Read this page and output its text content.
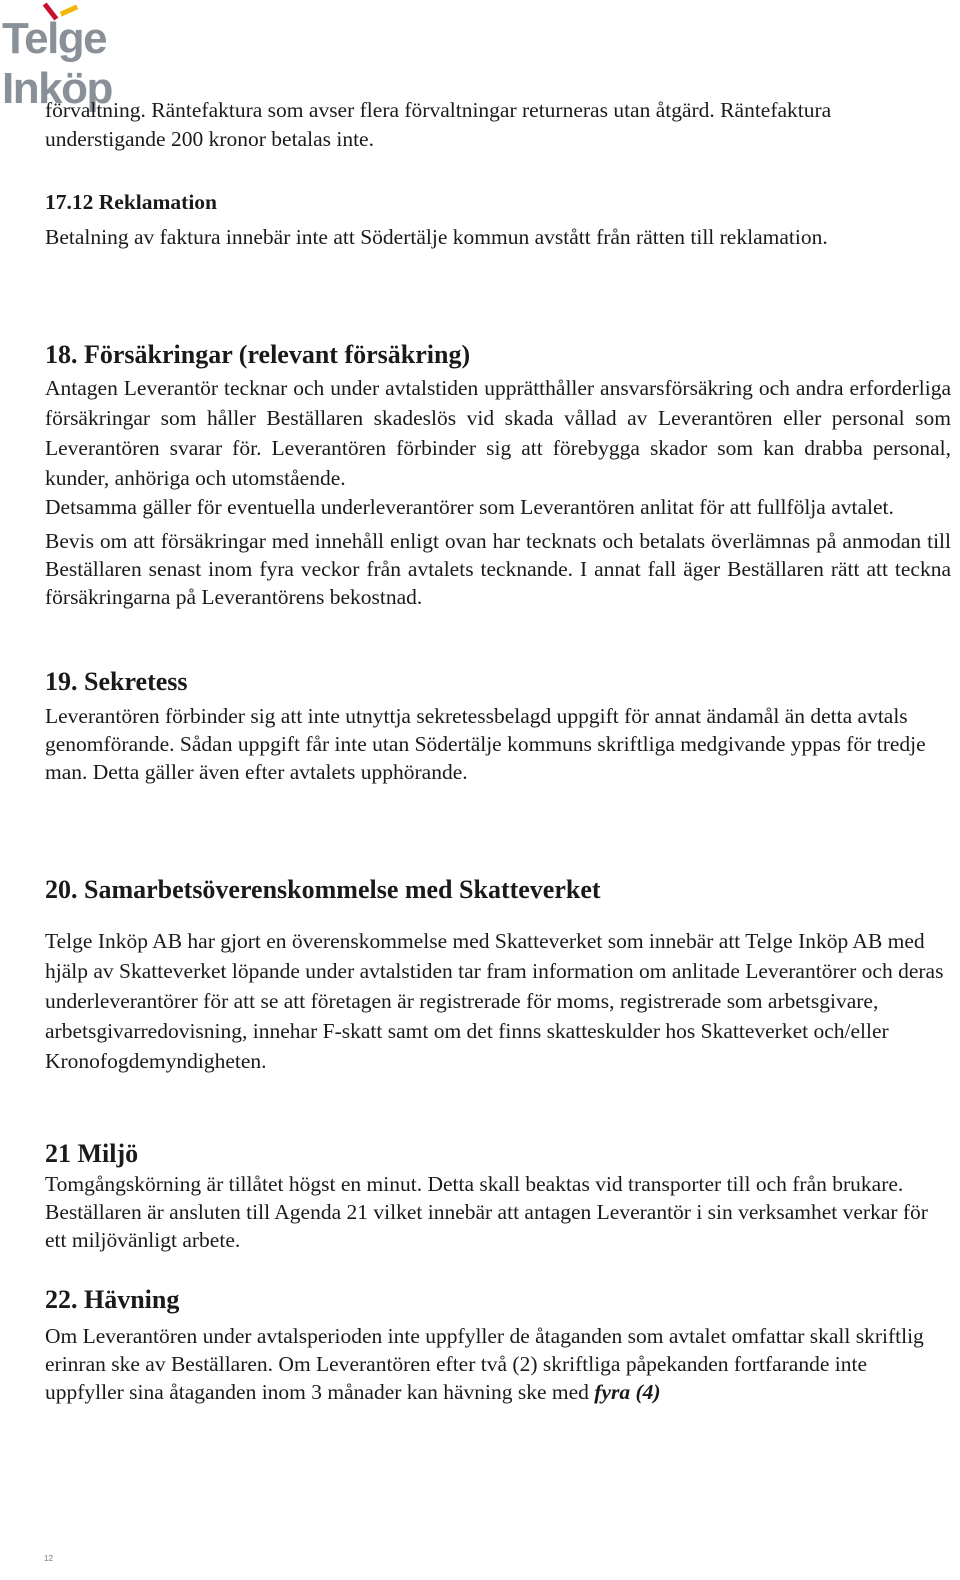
Telge Inköp

förvaltning. Räntefaktura som avser flera förvaltningar returneras utan åtgärd. Räntefaktura understigande 200 kronor betalas inte.

17.12 Reklamation

Betalning av faktura innebär inte att Södertälje kommun avstått från rätten till reklamation.

18. Försäkringar (relevant försäkring)

Antagen Leverantör tecknar och under avtalstiden upprätthåller ansvarsförsäkring och andra erforderliga försäkringar som håller Beställaren skadeslös vid skada vållad av Leverantören eller personal som Leverantören svarar för. Leverantören förbinder sig att förebygga skador som kan drabba personal, kunder, anhöriga och utomstående.

Detsamma gäller för eventuella underleverantörer som Leverantören anlitat för att fullfölja avtalet.

Bevis om att försäkringar med innehåll enligt ovan har tecknats och betalats överlämnas på anmodan till Beställaren senast inom fyra veckor från avtalets tecknande. I annat fall äger Beställaren rätt att teckna försäkringarna på Leverantörens bekostnad.

19. Sekretess

Leverantören förbinder sig att inte utnyttja sekretessbelagd uppgift för annat ändamål än detta avtals genomförande. Sådan uppgift får inte utan Södertälje kommuns skriftliga medgivande yppas för tredje man. Detta gäller även efter avtalets upphörande.

20. Samarbetsöverenskommelse med Skatteverket

Telge Inköp AB har gjort en överenskommelse med Skatteverket som innebär att Telge Inköp AB med hjälp av Skatteverket löpande under avtalstiden tar fram information om anlitade Leverantörer och deras underleverantörer för att se att företagen är registrerade för moms, registrerade som arbetsgivare, arbetsgivarredovisning, innehar F-skatt samt om det finns skatteskulder hos Skatteverket och/eller Kronofogdemyndigheten.

21 Miljö

Tomgångskörning är tillåtet högst en minut. Detta skall beaktas vid transporter till och från brukare. Beställaren är ansluten till Agenda 21 vilket innebär att antagen Leverantör i sin verksamhet verkar för ett miljövänligt arbete.

22. Hävning

Om Leverantören under avtalsperioden inte uppfyller de åtaganden som avtalet omfattar skall skriftlig erinran ske av Beställaren. Om Leverantören efter två (2) skriftliga påpekanden fortfarande inte uppfyller sina åtaganden inom 3 månader kan hävning ske med fyra (4)

12
